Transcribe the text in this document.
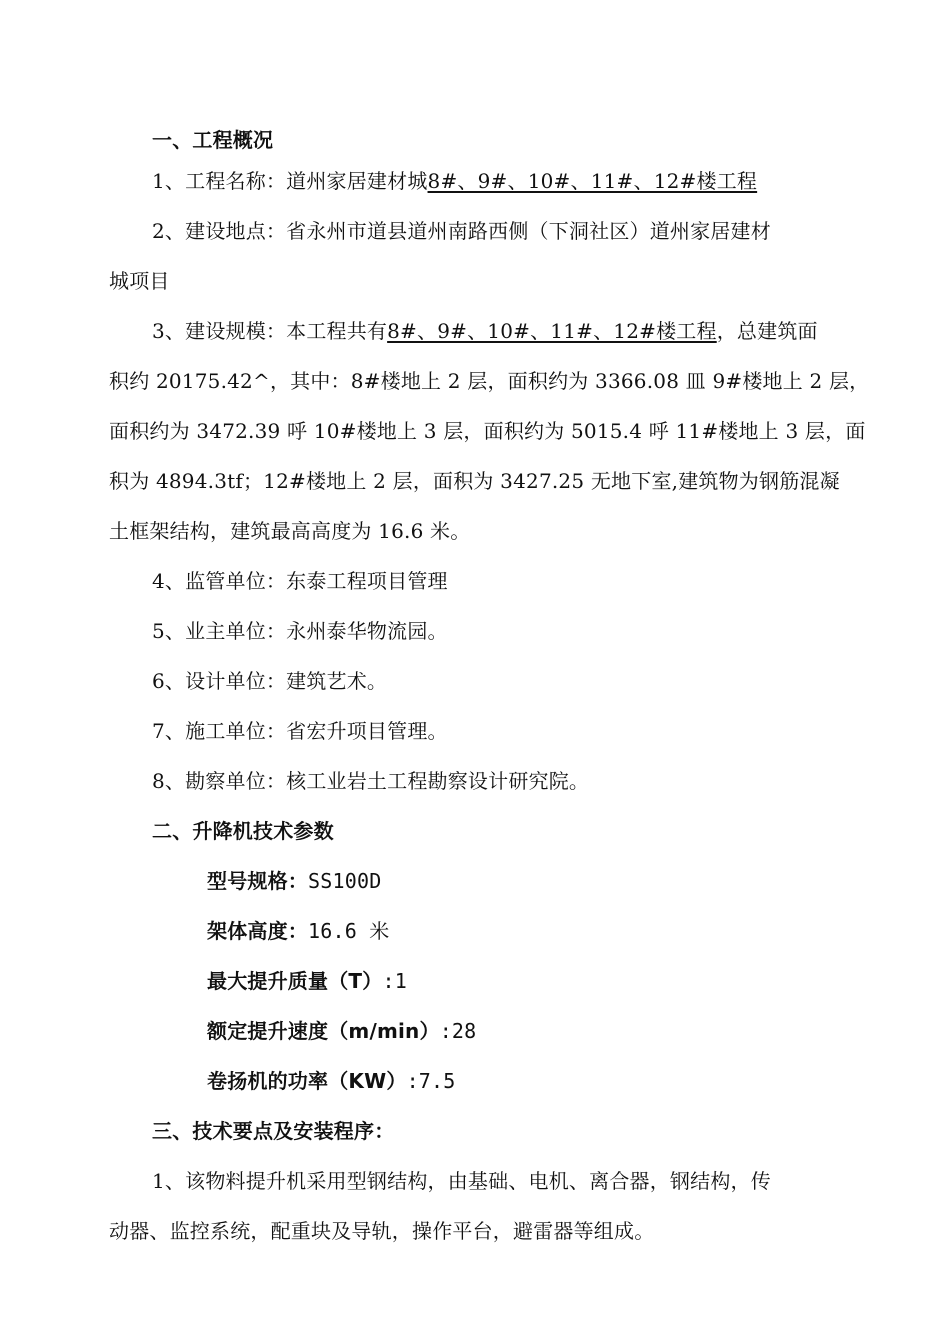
一、工程概况
1、工程名称：道州家居建材城8#、9#、10#、11#、12#楼工程
2、建设地点：省永州市道县道州南路西侧（下洞社区）道州家居建材
城项目
3、建设规模：本工程共有8#、9#、10#、11#、12#楼工程，总建筑面
积约 20175.42^，其中：8#楼地上 2 层，面积约为 3366.08 皿 9#楼地上 2 层，
面积约为 3472.39 呼 10#楼地上 3 层，面积约为 5015.4 呼 11#楼地上 3 层，面
积为 4894.3tf；12#楼地上 2 层，面积为 3427.25 无地下室,建筑物为钢筋混凝
土框架结构，建筑最高高度为 16.6 米。
4、监管单位：东泰工程项目管理
5、业主单位：永州泰华物流园。
6、设计单位：建筑艺术。
7、施工单位：省宏升项目管理。
8、勘察单位：核工业岩土工程勘察设计研究院。
二、升降机技术参数
型号规格：SS100D
架体高度：16.6 米
最大提升质量（T）:1
额定提升速度（m/min）:28
卷扬机的功率（KW）:7.5
三、技术要点及安装程序：
1、该物料提升机采用型钢结构，由基础、电机、离合器，钢结构，传
动器、监控系统，配重块及导轨，操作平台，避雷器等组成。
